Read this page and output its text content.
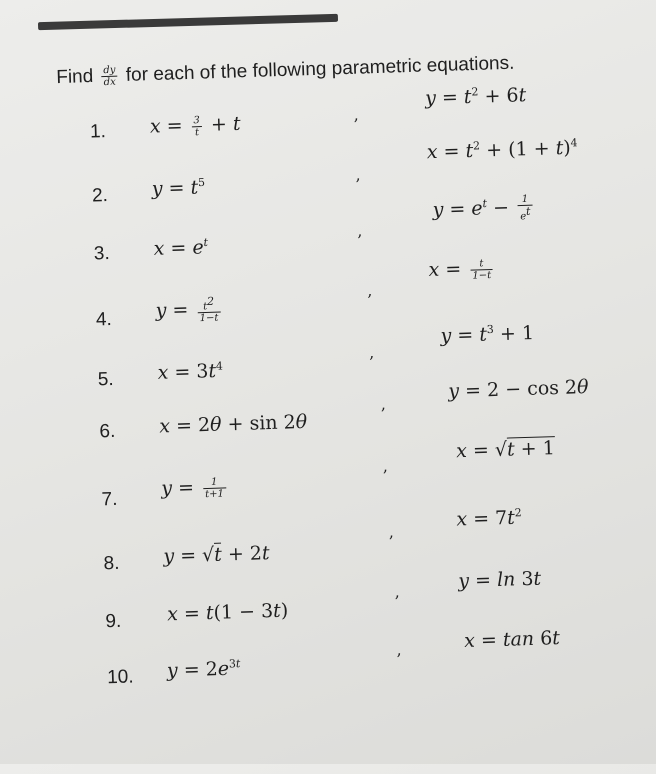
Find $\frac{dy}{dx}$ for each of the following parametric equations.
1. $x = \frac{3}{t} + t$	,
$y = t^2 + 6t$
2. $y = t^5$	,
$x = t^2 + (1 + t)^4$
3. $x = e^t$
,
$y = e^t - \frac{1}{e^t}$
4. $y = \frac{t^2}{1-t}$
,
$x = \frac{t}{1-t}$
5. $x = 3t^4$
,
$y = t^3 + 1$
6. x = 2θ + sin 2θ
,
y = 2 − cos 2θ
7.
$y = \frac{1}{t+1}$
,
x = √t + 1
8. y = √t + 2t
,
$x = 7t^2$
9. x = t(1 − 3t)
,	y = ln 3t
10. $y = 2e^{3t}$
,	x = tan 6t
